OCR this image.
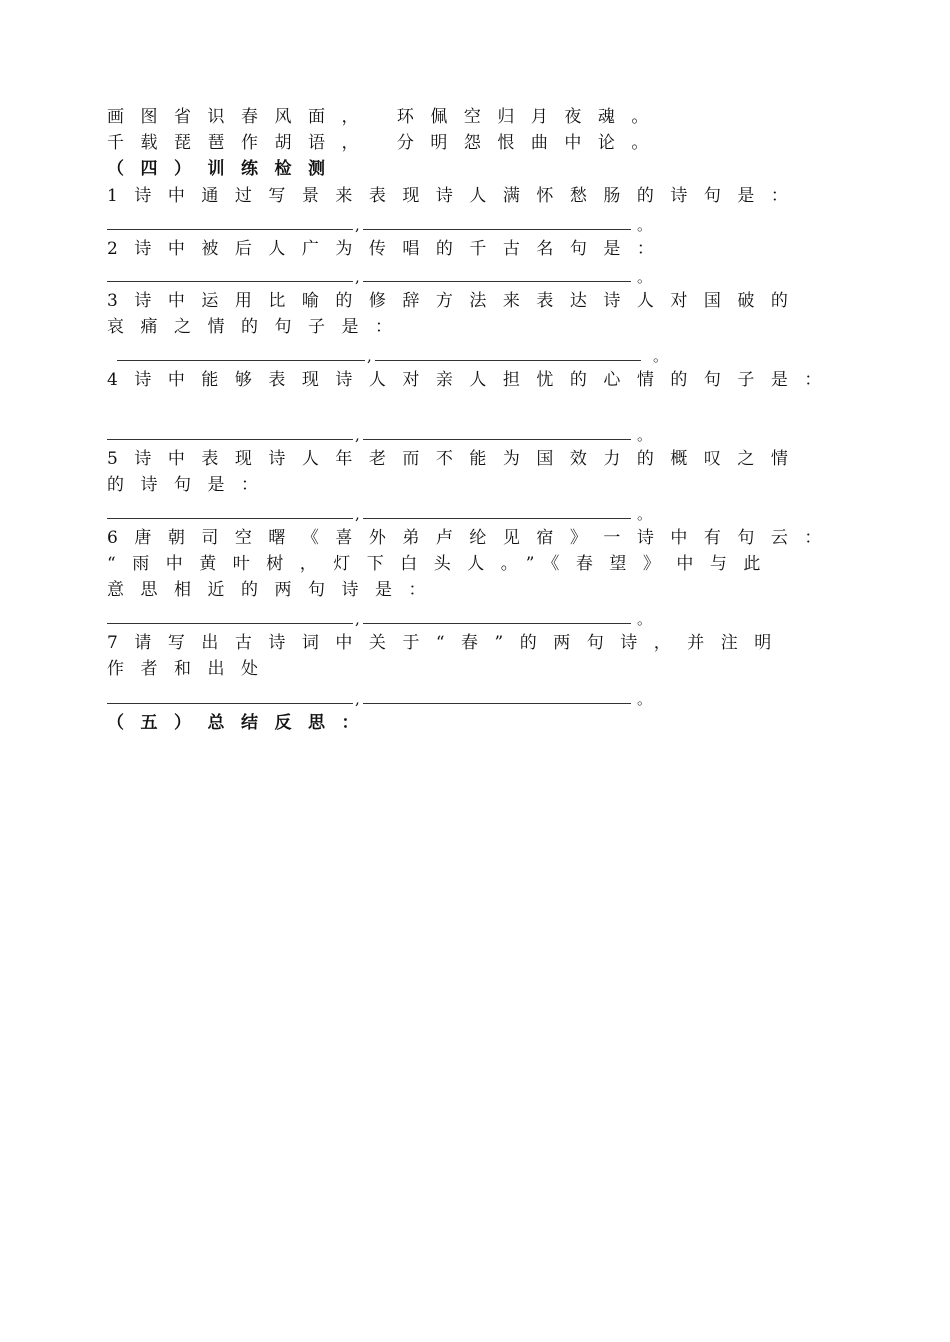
画图省识春风面， 环佩空归月夜魂。
千载琵琶作胡语， 分明怨恨曲中论。
（四）训练检测
1诗中通过写景来表现诗人满怀愁肠的诗句是：
,	。
2诗中被后人广为传唱的千古名句是：
,	。
3诗中运用比喻的修辞方法来表达诗人对国破的
哀痛之情的句子是：
,	。
4诗中能够表现诗人对亲人担忧的心情的句子是：
,	。
5诗中表现诗人年老而不能为国效力的概叹之情
的诗句是：
,	。
6唐朝司空曙《喜外弟卢纶见宿》一诗中有句云：
“雨中黄叶树，灯下白头人。”《春望》中与此
意思相近的两句诗是：
,	。
7请写出古诗词中关于“春”的两句诗，并注明
作者和出处
,	。
（五）总结反思：
